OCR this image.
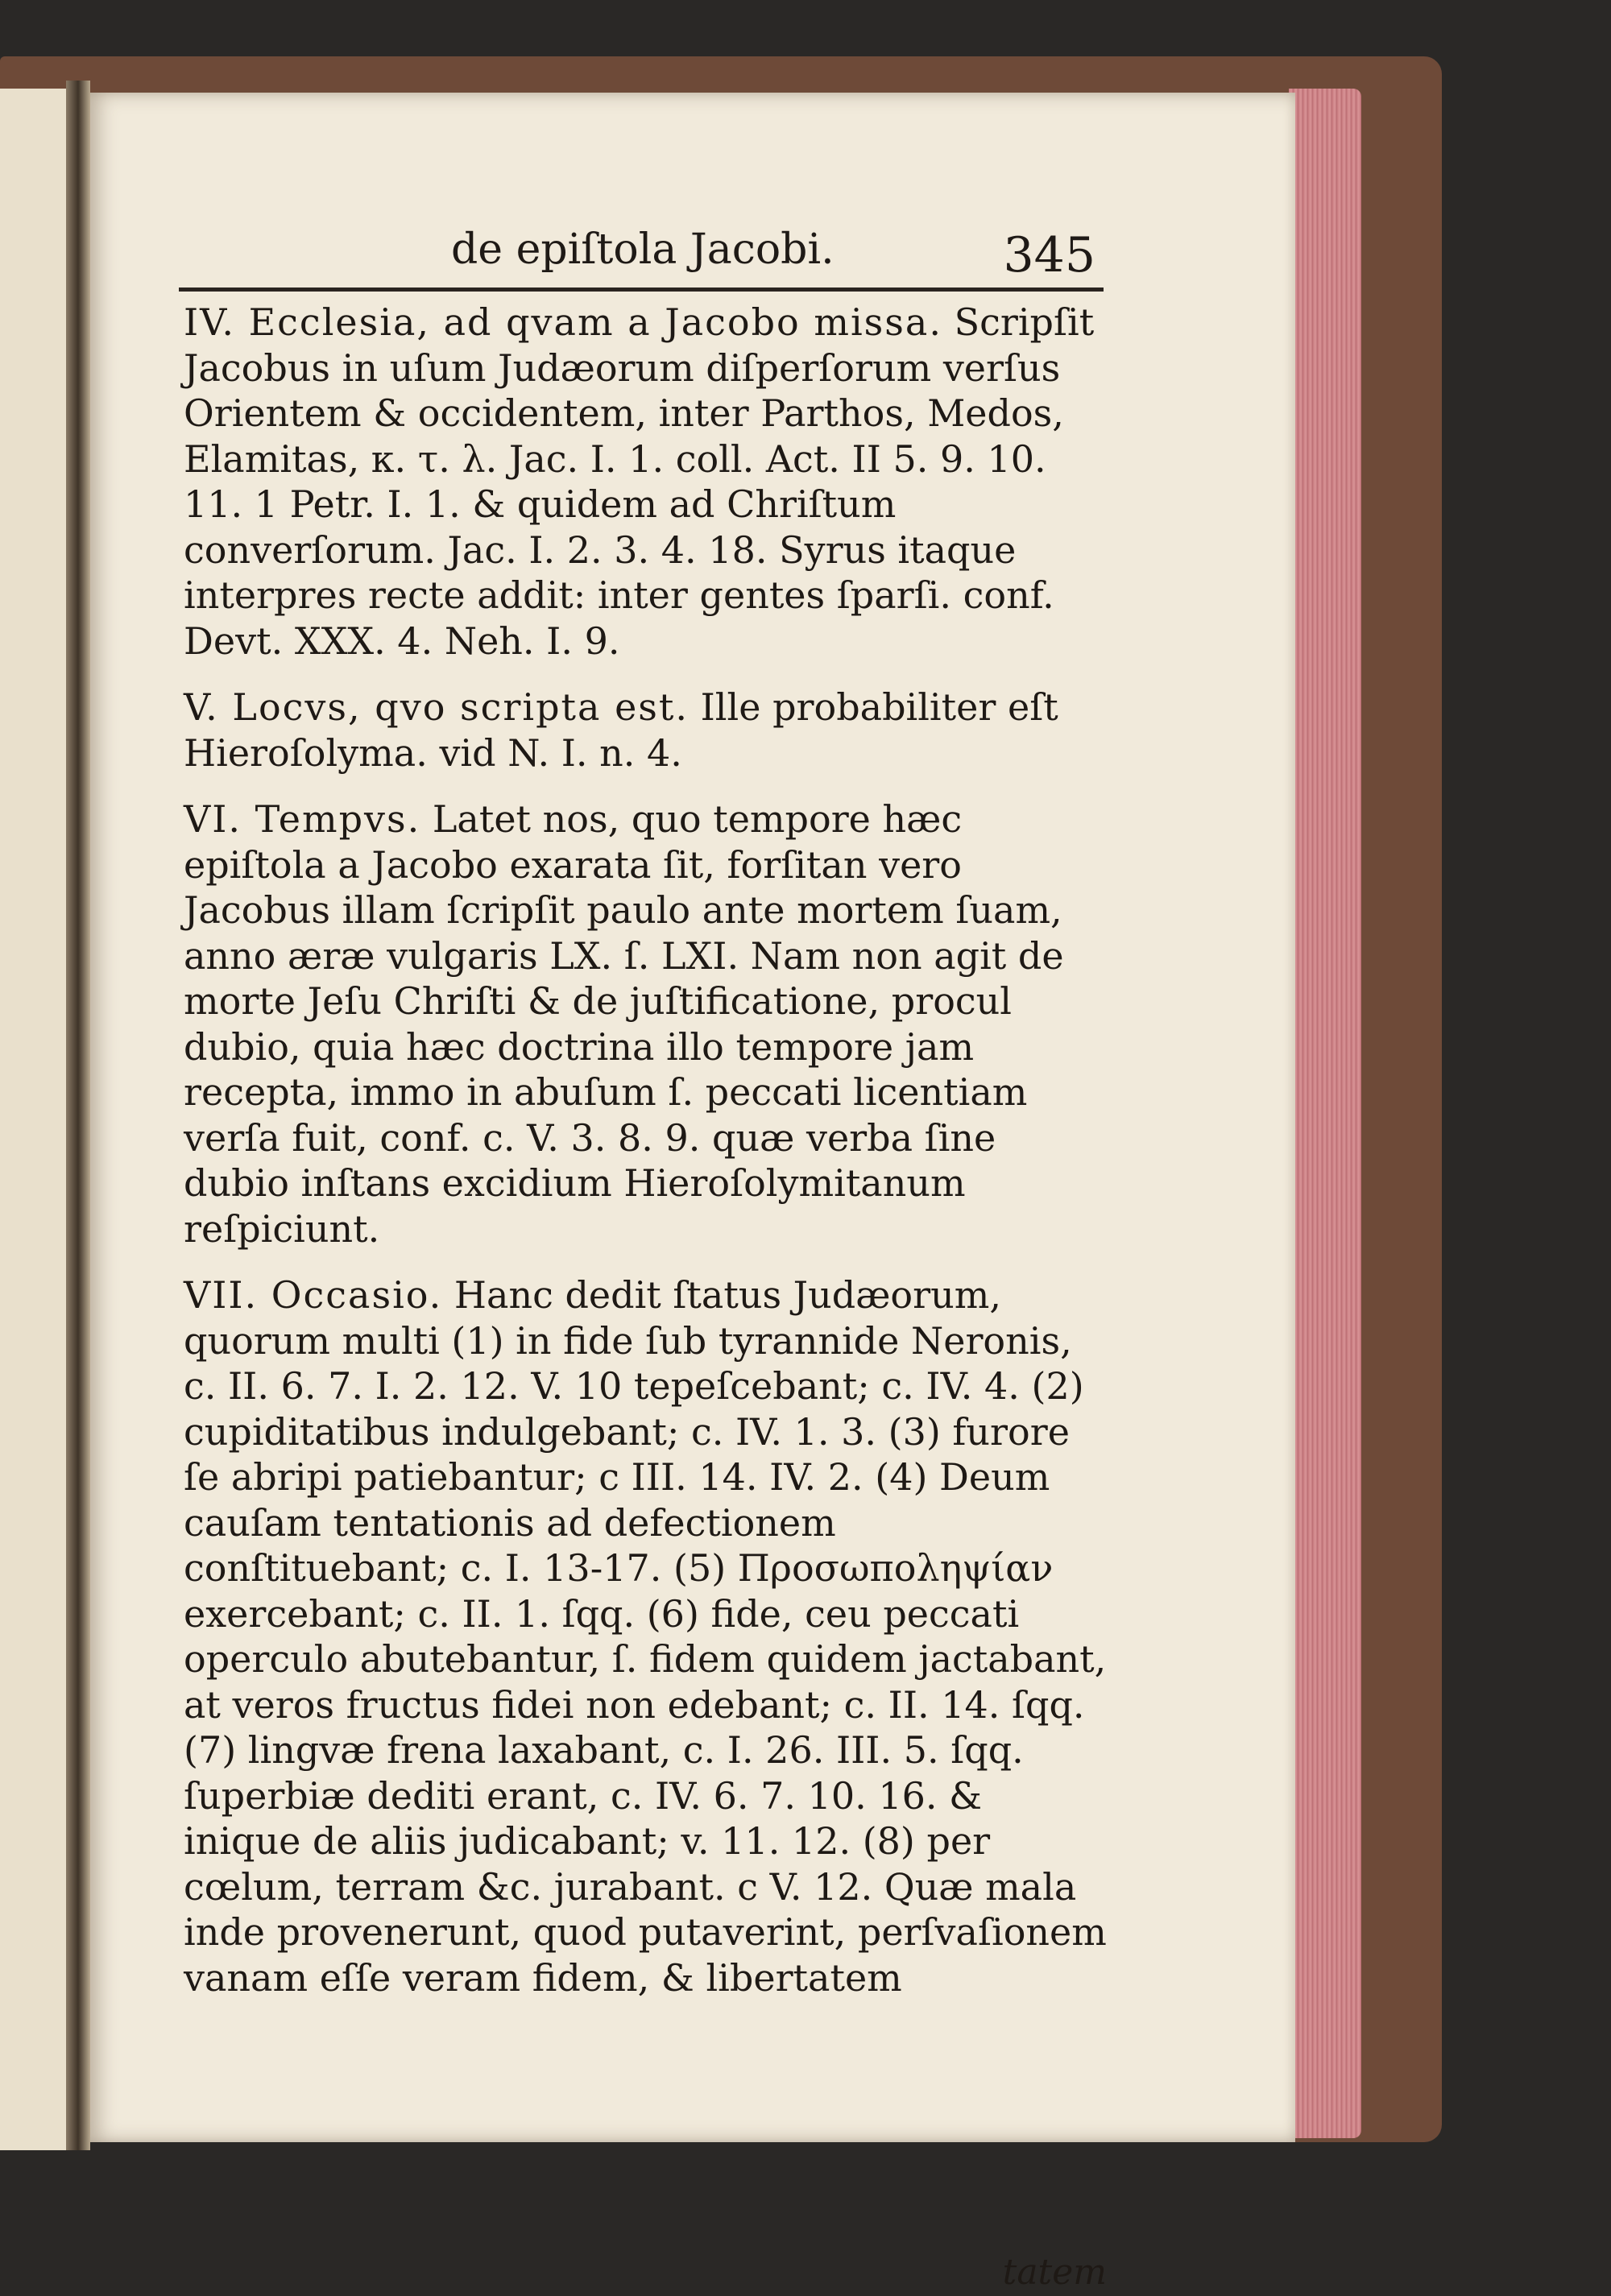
de epiſtola Jacobi.	345

IV. Ecclesia, ad qvam a Jacobo missa. Scripſit Jacobus in uſum Judæorum diſperſorum verſus Orientem & occidentem, inter Parthos, Medos, Elamitas, κ. τ. λ. Jac. I. 1. coll. Act. II 5. 9. 10. 11. 1 Petr. I. 1. & quidem ad Chriſtum converſorum. Jac. I. 2. 3. 4. 18. Syrus itaque interpres recte addit: inter gentes ſparſi. conf. Devt. XXX. 4. Neh. I. 9.

V. Locvs, qvo scripta est. Ille probabiliter eſt Hieroſolyma. vid N. I. n. 4.

VI. Tempvs. Latet nos, quo tempore hæc epiſtola a Jacobo exarata ſit, forſitan vero Jacobus illam ſcripſit paulo ante mortem ſuam, anno æræ vulgaris LX. ſ. LXI. Nam non agit de morte Jeſu Chriſti & de juſtificatione, procul dubio, quia hæc doctrina illo tempore jam recepta, immo in abuſum ſ. peccati licentiam verſa fuit, conf. c. V. 3. 8. 9. quæ verba ſine dubio inſtans excidium Hieroſolymitanum reſpiciunt.

VII. Occasio. Hanc dedit ſtatus Judæorum, quorum multi (1) in fide ſub tyrannide Neronis, c. II. 6. 7. I. 2. 12. V. 10 tepeſcebant; c. IV. 4. (2) cupiditatibus indulgebant; c. IV. 1. 3. (3) furore ſe abripi patiebantur; c III. 14. IV. 2. (4) Deum cauſam tentationis ad defectionem conſtituebant; c. I. 13-17. (5) Προσωποληψίαν exercebant; c. II. 1. ſqq. (6) fide, ceu peccati operculo abutebantur, ſ. fidem quidem jactabant, at veros fructus fidei non edebant; c. II. 14. ſqq. (7) lingvæ frena laxabant, c. I. 26. III. 5. ſqq. ſuperbiæ dediti erant, c. IV. 6. 7. 10. 16. & inique de aliis judicabant; v. 11. 12. (8) per cœlum, terram &c. jurabant. c V. 12. Quæ mala inde provenerunt, quod putaverint, perſvaſionem vanam eſſe veram fidem, & libertatem

tatem
